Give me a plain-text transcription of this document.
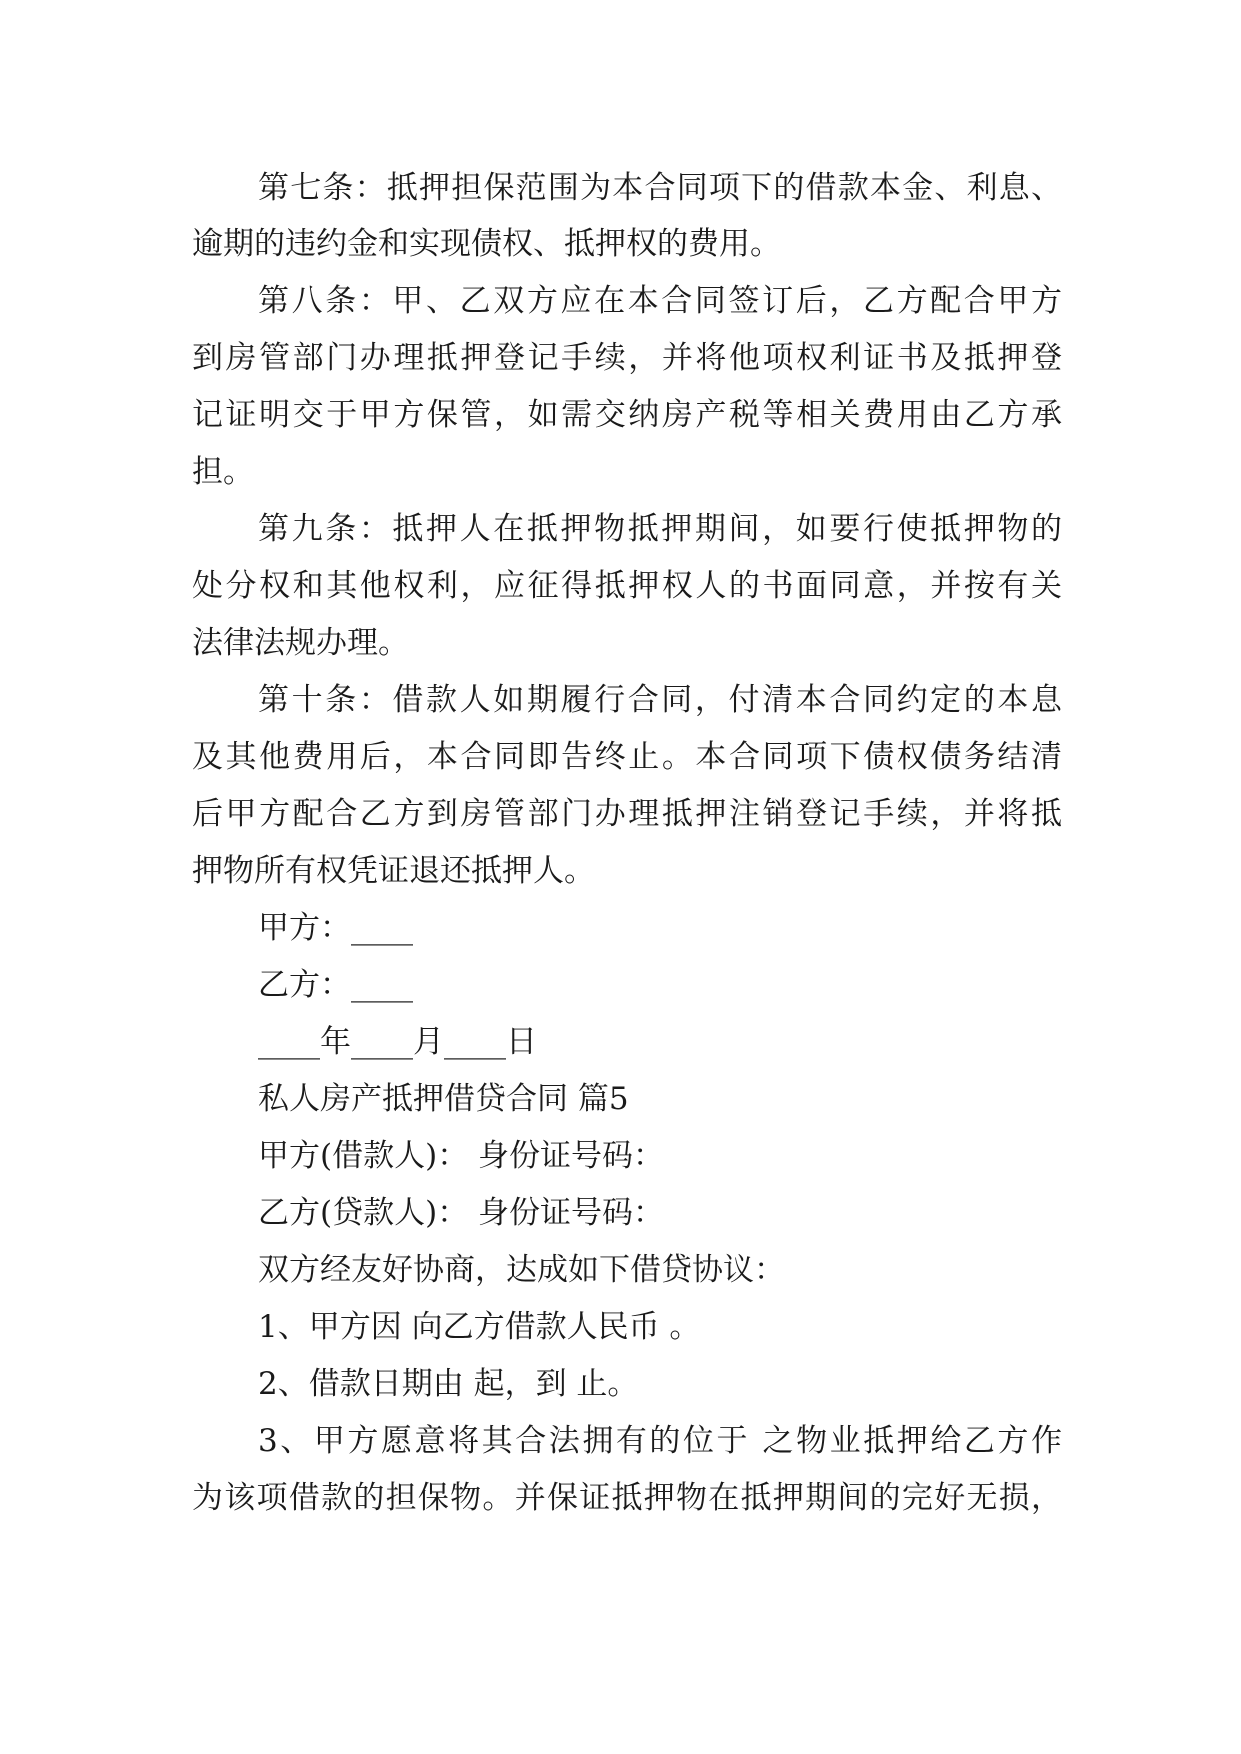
第七条：抵押担保范围为本合同项下的借款本金、利息、
逾期的违约金和实现债权、抵押权的费用。
第八条：甲、乙双方应在本合同签订后，乙方配合甲方
到房管部门办理抵押登记手续，并将他项权利证书及抵押登
记证明交于甲方保管，如需交纳房产税等相关费用由乙方承
担。
第九条：抵押人在抵押物抵押期间，如要行使抵押物的
处分权和其他权利，应征得抵押权人的书面同意，并按有关
法律法规办理。
第十条：借款人如期履行合同，付清本合同约定的本息
及其他费用后，本合同即告终止。本合同项下债权债务结清
后甲方配合乙方到房管部门办理抵押注销登记手续，并将抵
押物所有权凭证退还抵押人。
甲方：____
乙方：____
____年____月____日
私人房产抵押借贷合同 篇5
甲方(借款人)： 身份证号码：
乙方(贷款人)： 身份证号码：
双方经友好协商，达成如下借贷协议：
1、甲方因 向乙方借款人民币 。
2、借款日期由 起，到 止。
3、甲方愿意将其合法拥有的位于 之物业抵押给乙方作
为该项借款的担保物。并保证抵押物在抵押期间的完好无损，
